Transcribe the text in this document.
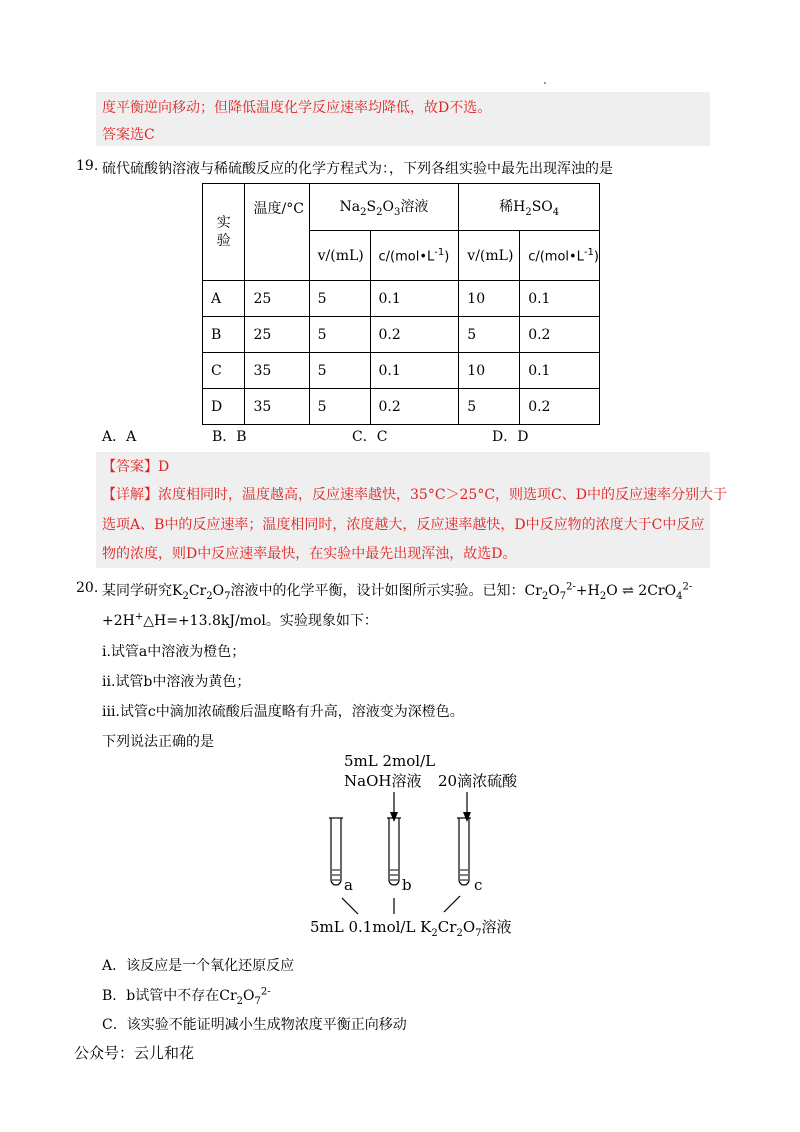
度平衡逆向移动；但降低温度化学反应速率均降低，故D不选。
答案选C
19. 硫代硫酸钠溶液与稀硫酸反应的化学方程式为：，下列各组实验中最先出现浑浊的是
实验	温度/°C	$Na_2S_2O_3$溶液		稀$H_2SO_4$
		v/(mL)	$c/(mol•L^{-1})$	v/(mL)	$c/(mol•L^{-1})$
A	25	5	0.1	10	0.1
B	25	5	0.2	5	0.2
C	35	5	0.1	10	0.1
D	35	5	0.2	5	0.2
A．A	B．B	C．C	D．D
【答案】D
【详解】浓度相同时，温度越高，反应速率越快，35°C＞25°C，则选项C、D中的反应速率分别大于
选项A、B中的反应速率；温度相同时，浓度越大，反应速率越快，D中反应物的浓度大于C中反应
物的浓度，则D中反应速率最快，在实验中最先出现浑浊，故选D。
20. 某同学研究$K_2Cr_2O_7$溶液中的化学平衡，设计如图所示实验。已知：$Cr_2O_7^{2-}+H_2O$ ⇌ 2CrO$_4^{2-}$
+2H+△H=+13.8kJ/mol。实验现象如下：
i.试管a中溶液为橙色；
ii.试管b中溶液为黄色；
iii.试管c中滴加浓硫酸后温度略有升高，溶液变为深橙色。
下列说法正确的是
5mL 2mol/L
NaOH溶液 20滴浓硫酸
a	b	c
5mL 0.1mol/L $K_2Cr_2O_7$溶液
A．该反应是一个氧化还原反应
B．b试管中不存在$Cr_2O_7^{2-}$
C．该实验不能证明减小生成物浓度平衡正向移动
公众号：云儿和花
